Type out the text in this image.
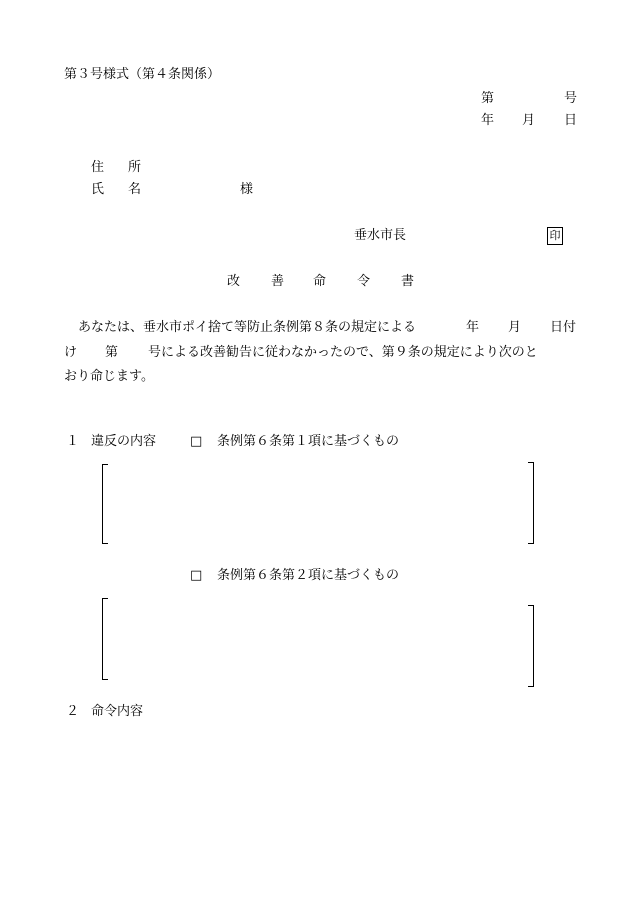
第３号様式（第４条関係）
第	号
年 月 日
住 所
氏 名	様
垂水市長	印
改 善 命 令 書
あなたは、垂水市ポイ捨て等防止条例第８条の規定による	年 月 日付
け 第 号による改善勧告に従わなかったので、第９条の規定により次のと
おり命じます。
１ 違反の内容	□ 条例第６条第１項に基づくもの
□ 条例第６条第２項に基づくもの
２ 命令内容
